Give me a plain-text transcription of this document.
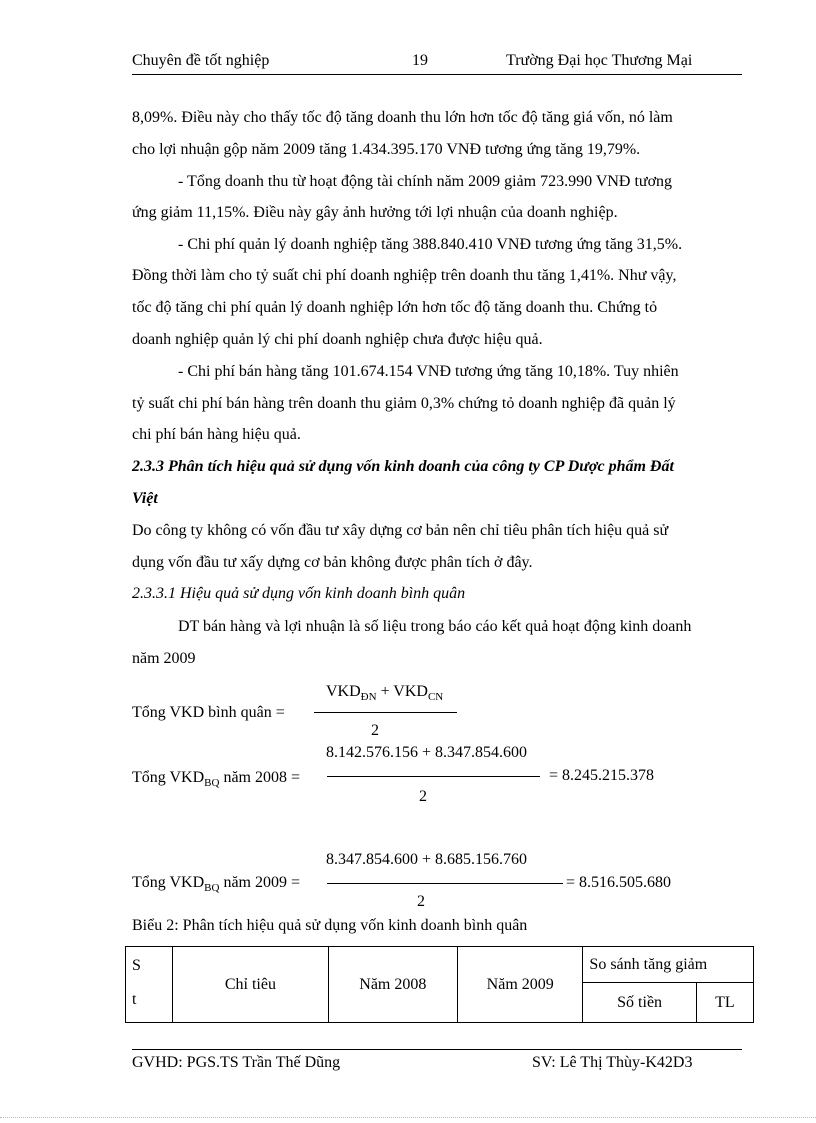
Chuyên đề tốt nghiệp	19	Trường Đại học Thương Mại
8,09%. Điều này cho thấy tốc độ tăng doanh thu lớn hơn tốc độ tăng giá vốn, nó làm
cho lợi nhuận gộp năm 2009 tăng 1.434.395.170 VNĐ tương ứng tăng 19,79%.
- Tổng doanh thu từ hoạt động tài chính năm 2009 giảm 723.990 VNĐ tương
ứng giảm 11,15%. Điều này gây ảnh hưởng tới lợi nhuận của doanh nghiệp.
- Chi phí quản lý doanh nghiệp tăng 388.840.410 VNĐ tương ứng tăng 31,5%.
Đồng thời làm cho tỷ suất chi phí doanh nghiệp trên doanh thu tăng 1,41%. Như vậy,
tốc độ tăng chi phí quản lý doanh nghiệp lớn hơn tốc độ tăng doanh thu. Chứng tỏ
doanh nghiệp quản lý chi phí doanh nghiệp chưa được hiệu quả.
- Chi phí bán hàng tăng 101.674.154 VNĐ tương ứng tăng 10,18%. Tuy nhiên
tỷ suất chi phí bán hàng trên doanh thu giảm 0,3% chứng tỏ doanh nghiệp đã quản lý
chi phí bán hàng hiệu quả.
2.3.3 Phân tích hiệu quả sử dụng vốn kinh doanh của công ty CP Dược phẩm Đất
Việt
Do công ty không có vốn đầu tư xây dựng cơ bản nên chỉ tiêu phân tích hiệu quả sử
dụng vốn đầu tư xấy dựng cơ bản không được phân tích ở đây.
2.3.3.1 Hiệu quả sử dụng vốn kinh doanh bình quân
DT bán hàng và lợi nhuận là số liệu trong báo cáo kết quả hoạt động kinh doanh
năm 2009
Tổng VKD bình quân =
$VKD_{ĐN} + VKD_{CN}$
2
8.142.576.156 + 8.347.854.600
Tổng $VKD_{BQ}$ năm 2008 =	= 8.245.215.378
2
8.347.854.600 + 8.685.156.760
Tổng $VKD_{BQ}$ năm 2009 =	= 8.516.505.680
2
Biểu 2: Phân tích hiệu quả sử dụng vốn kinh doanh bình quân
S
t	Chỉ tiêu	Năm 2008	Năm 2009	So sánh tăng giảm	
				Số tiền	TL
GVHD: PGS.TS Trần Thế Dũng	SV: Lê Thị Thùy-K42D3
